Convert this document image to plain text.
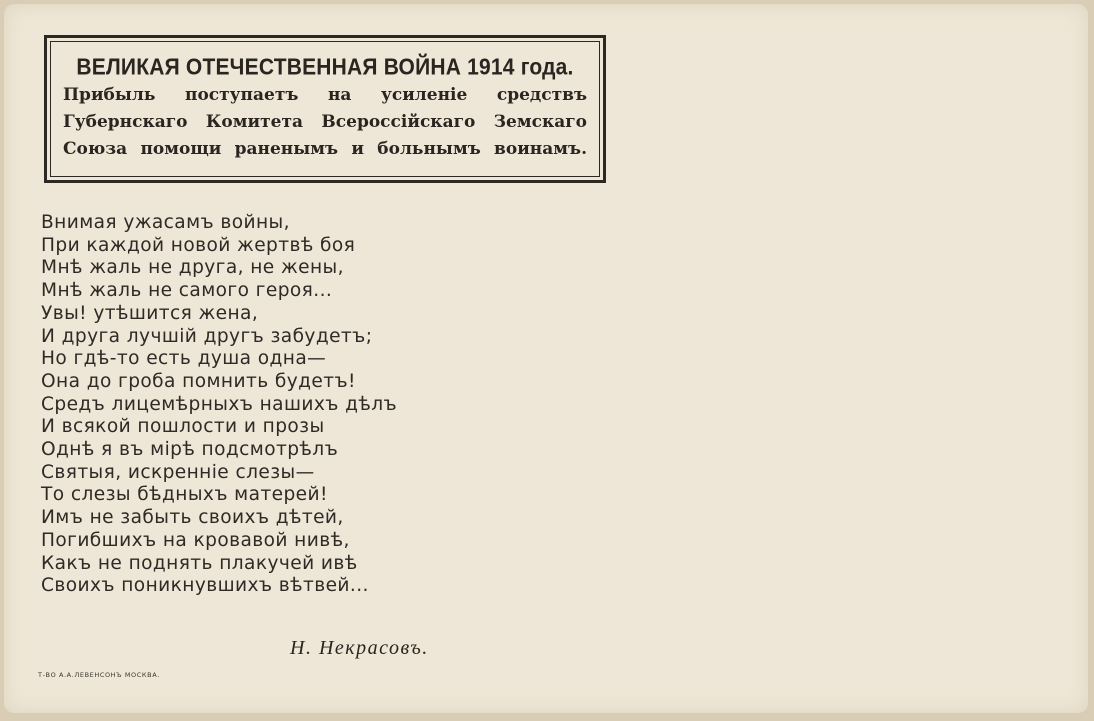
ВЕЛИКАЯ ОТЕЧЕСТВЕННАЯ ВОЙНА 1914 года.

Прибыль поступаетъ на усиленіе средствъ

Губернскаго Комитета Всероссійскаго Земскаго

Союза помощи раненымъ и больнымъ воинамъ.

Внимая ужасамъ войны,
При каждой новой жертвѣ боя
Мнѣ жаль не друга, не жены,
Мнѣ жаль не самого героя...
Увы! утѣшится жена,
И друга лучшій другъ забудетъ;
Но гдѣ-то есть душа одна—
Она до гроба помнить будетъ!
Средъ лицемѣрныхъ нашихъ дѣлъ
И всякой пошлости и прозы
Однѣ я въ мірѣ подсмотрѣлъ
Святыя, искренніе слезы—
То слезы бѣдныхъ матерей!
Имъ не забыть своихъ дѣтей,
Погибшихъ на кровавой нивѣ,
Какъ не поднять плакучей ивѣ
Своихъ поникнувшихъ вѣтвей...
Н. Некрасовъ.
Т-ВО А.А.ЛЕВЕНСОНЪ МОСКВА.
